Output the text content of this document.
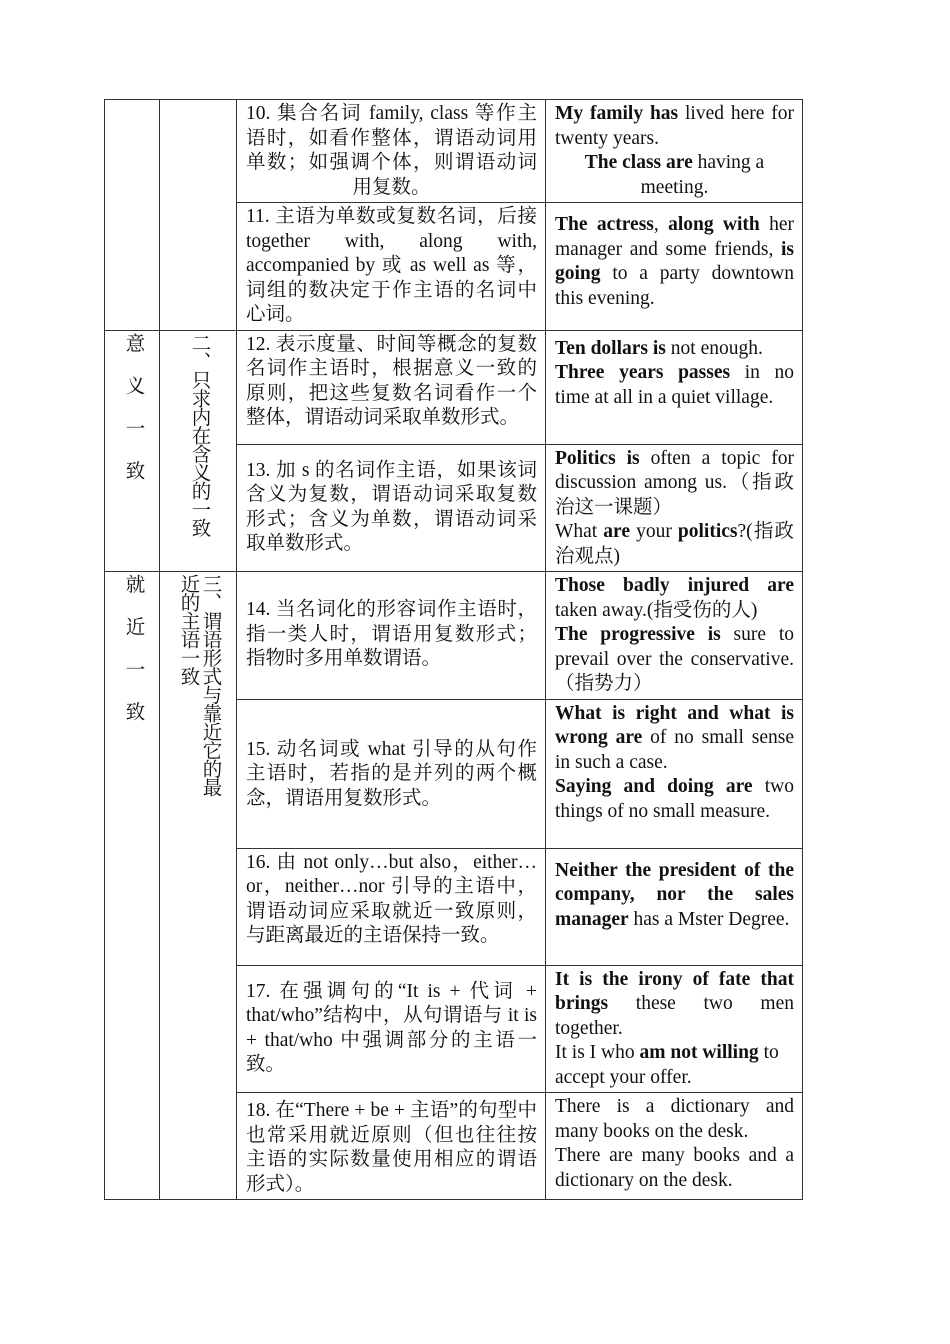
		10. 集合名词 family, class 等作主语时，如看作整体，谓语动词用单数；如强调个体，则谓语动词用复数。	My family has lived here for twenty years.
The class are having a meeting.

		11. 主语为单数或复数名词，后接 together with, along with, accompanied by 或 as well as 等，词组的数决定于作主语的名词中心词。	The actress, along with her manager and some friends, is going to a party downtown this evening.

意义一致	二、只求内在含义的一致	12. 表示度量、时间等概念的复数名词作主语时，根据意义一致的原则，把这些复数名词看作一个整体，谓语动词采取单数形式。	Ten dollars is not enough.
Three years passes in no time at all in a quiet village.

		13. 加 s 的名词作主语，如果该词含义为复数，谓语动词采取复数形式；含义为单数，谓语动词采取单数形式。	Politics is often a topic for discussion among us.（指政治这一课题）
What are your politics?(指政治观点)

就近一致	三、谓语形式与靠近它的最近的主语一致	14. 当名词化的形容词作主语时，指一类人时，谓语用复数形式；指物时多用单数谓语。	Those badly injured are taken away.(指受伤的人)
The progressive is sure to prevail over the conservative.（指势力）

		15. 动名词或 what 引导的从句作主语时，若指的是并列的两个概念，谓语用复数形式。	What is right and what is wrong are of no small sense in such a case.
Saying and doing are two things of no small measure.

		16. 由 not only…but also，either…or，neither…nor 引导的主语中，谓语动词应采取就近一致原则，与距离最近的主语保持一致。	Neither the president of the company, nor the sales manager has a Mster Degree.

		17. 在强调句的“It is + 代词 + that/who”结构中，从句谓语与 it is + that/who 中强调部分的主语一致。	It is the irony of fate that brings these two men together.
It is I who am not willing to accept your offer.

		18. 在“There + be + 主语”的句型中也常采用就近原则（但也往往按主语的实际数量使用相应的谓语形式）。	There is a dictionary and many books on the desk.
There are many books and a dictionary on the desk.
